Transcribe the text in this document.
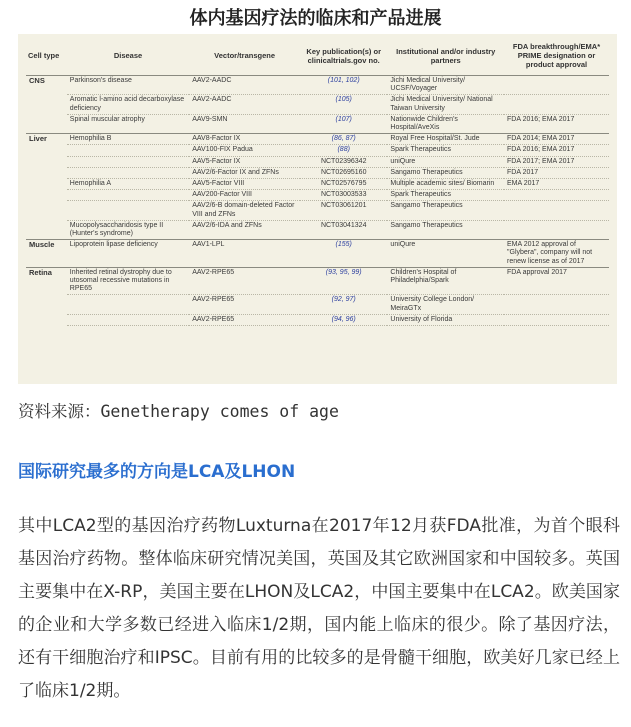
体内基因疗法的临床和产品进展
Cell type	Disease	Vector/transgene	Key publication(s) or clinicaltrials.gov no.	Institutional and/or industry partners	FDA breakthrough/EMA* PRIME designation or product approval
CNS	Parkinson's disease	AAV2-AADC	(101, 102)	Jichi Medical University/ UCSF/Voyager	
	Aromatic l-amino acid decarboxylase deficiency	AAV2-AADC	(105)	Jichi Medical University/ National Taiwan University	
	Spinal muscular atrophy	AAV9-SMN	(107)	Nationwide Children's Hospital/AveXis	FDA 2016; EMA 2017
Liver	Hemophilia B	AAV8-Factor IX	(86, 87)	Royal Free Hospital/St. Jude	FDA 2014; EMA 2017
		AAV100-FIX Padua	(88)	Spark Therapeutics	FDA 2016; EMA 2017
		AAV5-Factor IX	NCT02396342	uniQure	FDA 2017; EMA 2017
		AAV2/6-Factor IX and ZFNs	NCT02695160	Sangamo Therapeutics	FDA 2017
	Hemophilia A	AAV5-Factor VIII	NCT02576795	Multiple academic sites/ Biomarin	EMA 2017
		AAV200-Factor VIII	NCT03003533	Spark Therapeutics	
		AAV2/6-B domain-deleted Factor VIII and ZFNs	NCT03061201	Sangamo Therapeutics	
	Mucopolysaccharidosis type II (Hunter's syndrome)	AAV2/6-IDA and ZFNs	NCT03041324	Sangamo Therapeutics	
Muscle	Lipoprotein lipase deficiency	AAV1-LPL	(155)	uniQure	EMA 2012 approval of "Glybera", company will not renew license as of 2017
Retina	Inherited retinal dystrophy due to utosomal recessive mutations in RPE65	AAV2-RPE65	(93, 95, 99)	Children's Hospital of Philadelphia/Spark	FDA approval 2017
		AAV2-RPE65	(92, 97)	University College London/ MeiraGTx	
		AAV2-RPE65	(94, 96)	University of Florida	
资料来源：Genetherapy comes of age
国际研究最多的方向是LCA及LHON
其中LCA2型的基因治疗药物Luxturna在2017年12月获FDA批准，为首个眼科基因治疗药物。整体临床研究情况美国，英国及其它欧洲国家和中国较多。英国主要集中在X-RP，美国主要在LHON及LCA2，中国主要集中在LCA2。欧美国家的企业和大学多数已经进入临床1/2期，国内能上临床的很少。除了基因疗法，还有干细胞治疗和IPSC。目前有用的比较多的是骨髓干细胞，欧美好几家已经上了临床1/2期。
